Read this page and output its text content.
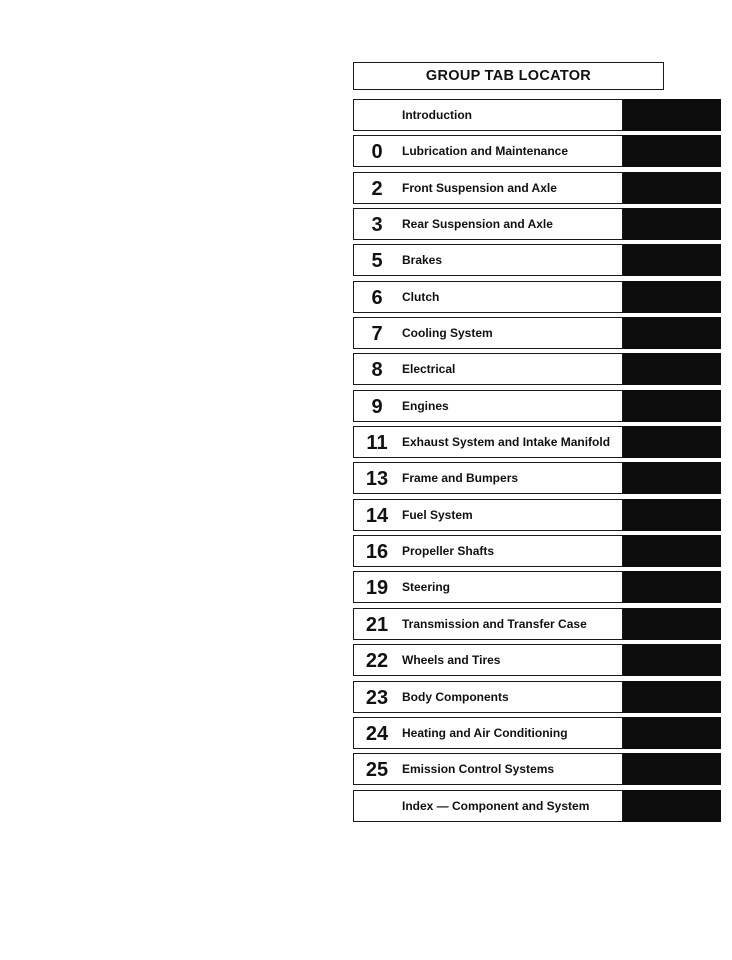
GROUP TAB LOCATOR
Introduction
0	Lubrication and Maintenance
2	Front Suspension and Axle
3	Rear Suspension and Axle
5	Brakes
6	Clutch
7	Cooling System
8	Electrical
9	Engines
11	Exhaust System and Intake Manifold
13	Frame and Bumpers
14	Fuel System
16	Propeller Shafts
19	Steering
21	Transmission and Transfer Case
22	Wheels and Tires
23	Body Components
24	Heating and Air Conditioning
25	Emission Control Systems
Index — Component and System
